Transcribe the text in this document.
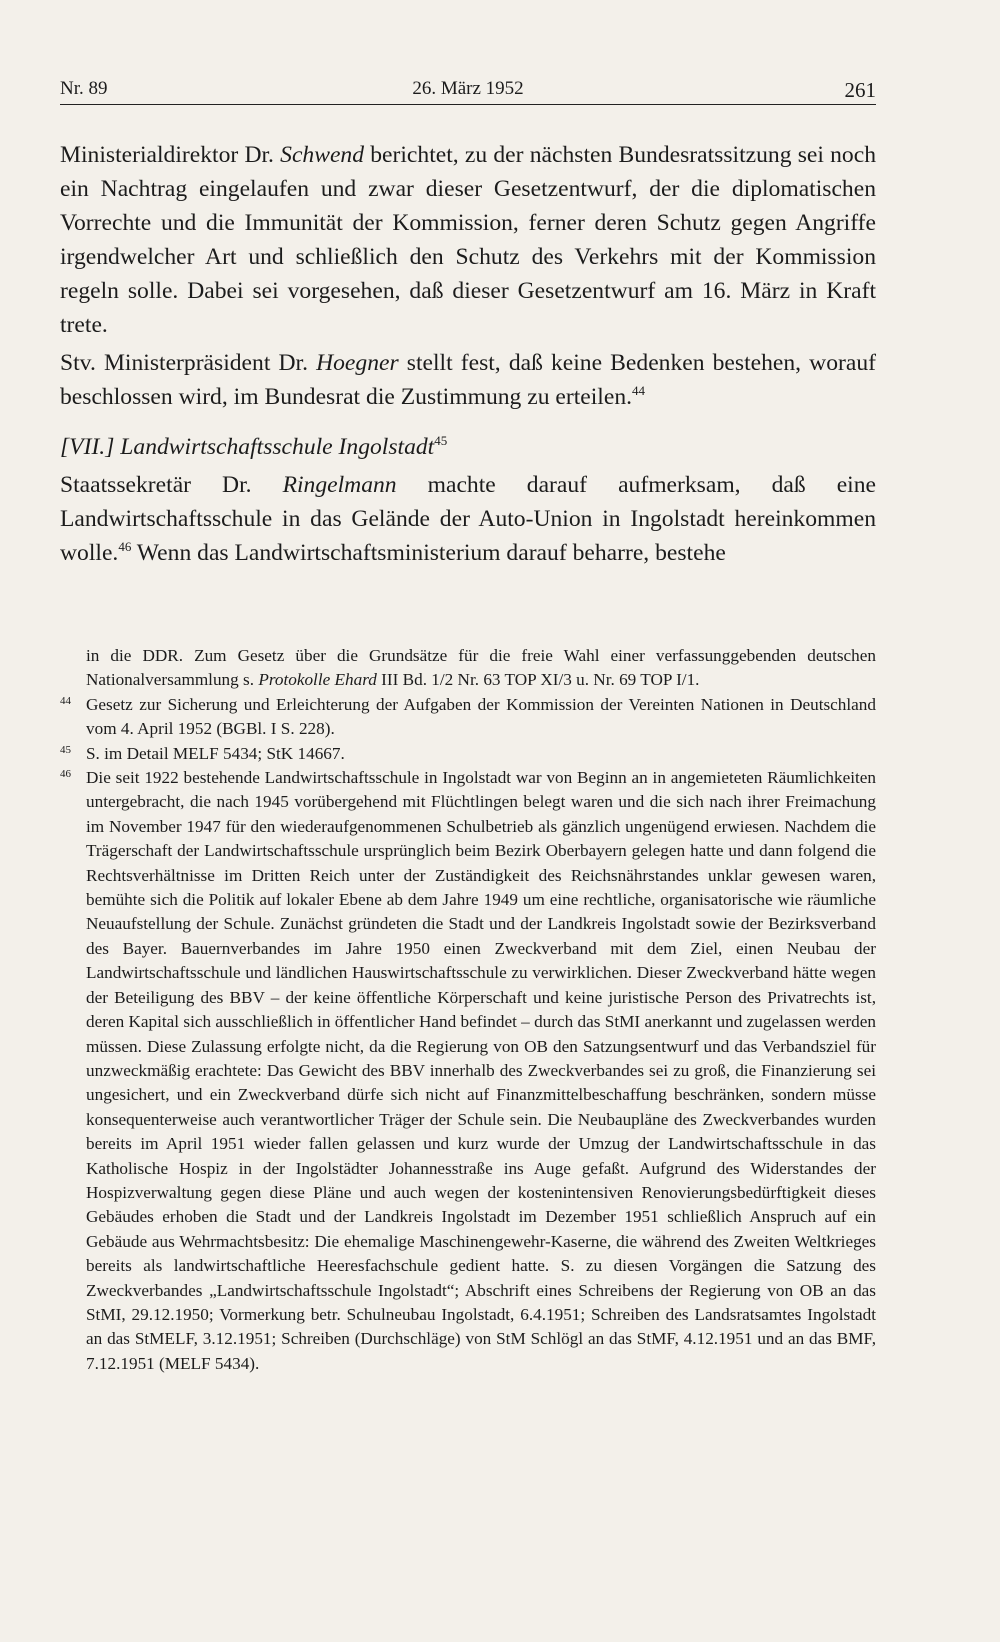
Nr. 89	26. März 1952	261

Ministerialdirektor Dr. Schwend berichtet, zu der nächsten Bundesratssitzung sei noch ein Nachtrag eingelaufen und zwar dieser Gesetzentwurf, der die diplomatischen Vorrechte und die Immunität der Kommission, ferner deren Schutz gegen Angriffe irgendwelcher Art und schließlich den Schutz des Verkehrs mit der Kommission regeln solle. Dabei sei vorgesehen, daß dieser Gesetzentwurf am 16. März in Kraft trete.

Stv. Ministerpräsident Dr. Hoegner stellt fest, daß keine Bedenken bestehen, worauf beschlossen wird, im Bundesrat die Zustimmung zu erteilen.$^{44}$

[VII.] Landwirtschaftsschule Ingolstadt$^{45}$

Staatssekretär Dr. Ringelmann machte darauf aufmerksam, daß eine Landwirtschaftsschule in das Gelände der Auto-Union in Ingolstadt hereinkommen wolle.$^{46}$ Wenn das Landwirtschaftsministerium darauf beharre, bestehe

in die DDR. Zum Gesetz über die Grundsätze für die freie Wahl einer verfassunggebenden deutschen Nationalversammlung s. Protokolle Ehard III Bd. 1/2 Nr. 63 TOP XI/3 u. Nr. 69 TOP I/1.

44 Gesetz zur Sicherung und Erleichterung der Aufgaben der Kommission der Vereinten Nationen in Deutschland vom 4. April 1952 (BGBl. I S. 228).

45 S. im Detail MELF 5434; StK 14667.

46 Die seit 1922 bestehende Landwirtschaftsschule in Ingolstadt war von Beginn an in angemieteten Räumlichkeiten untergebracht, die nach 1945 vorübergehend mit Flüchtlingen belegt waren und die sich nach ihrer Freimachung im November 1947 für den wiederaufgenommenen Schulbetrieb als gänzlich ungenügend erwiesen. Nachdem die Trägerschaft der Landwirtschaftsschule ursprünglich beim Bezirk Oberbayern gelegen hatte und dann folgend die Rechtsverhältnisse im Dritten Reich unter der Zuständigkeit des Reichsnährstandes unklar gewesen waren, bemühte sich die Politik auf lokaler Ebene ab dem Jahre 1949 um eine rechtliche, organisatorische wie räumliche Neuaufstellung der Schule. Zunächst gründeten die Stadt und der Landkreis Ingolstadt sowie der Bezirksverband des Bayer. Bauernverbandes im Jahre 1950 einen Zweckverband mit dem Ziel, einen Neubau der Landwirtschaftsschule und ländlichen Hauswirtschaftsschule zu verwirklichen. Dieser Zweckverband hätte wegen der Beteiligung des BBV – der keine öffentliche Körperschaft und keine juristische Person des Privatrechts ist, deren Kapital sich ausschließlich in öffentlicher Hand befindet – durch das StMI anerkannt und zugelassen werden müssen. Diese Zulassung erfolgte nicht, da die Regierung von OB den Satzungsentwurf und das Verbandsziel für unzweckmäßig erachtete: Das Gewicht des BBV innerhalb des Zweckverbandes sei zu groß, die Finanzierung sei ungesichert, und ein Zweckverband dürfe sich nicht auf Finanzmittelbeschaffung beschränken, sondern müsse konsequenterweise auch verantwortlicher Träger der Schule sein. Die Neubaupläne des Zweckverbandes wurden bereits im April 1951 wieder fallen gelassen und kurz wurde der Umzug der Landwirtschaftsschule in das Katholische Hospiz in der Ingolstädter Johannesstraße ins Auge gefaßt. Aufgrund des Widerstandes der Hospizverwaltung gegen diese Pläne und auch wegen der kostenintensiven Renovierungsbedürftigkeit dieses Gebäudes erhoben die Stadt und der Landkreis Ingolstadt im Dezember 1951 schließlich Anspruch auf ein Gebäude aus Wehrmachtsbesitz: Die ehemalige Maschinengewehr-Kaserne, die während des Zweiten Weltkrieges bereits als landwirtschaftliche Heeresfachschule gedient hatte. S. zu diesen Vorgängen die Satzung des Zweckverbandes „Landwirtschaftsschule Ingolstadt“; Abschrift eines Schreibens der Regierung von OB an das StMI, 29.12.1950; Vormerkung betr. Schulneubau Ingolstadt, 6.4.1951; Schreiben des Landsratsamtes Ingolstadt an das StMELF, 3.12.1951; Schreiben (Durchschläge) von StM Schlögl an das StMF, 4.12.1951 und an das BMF, 7.12.1951 (MELF 5434).
